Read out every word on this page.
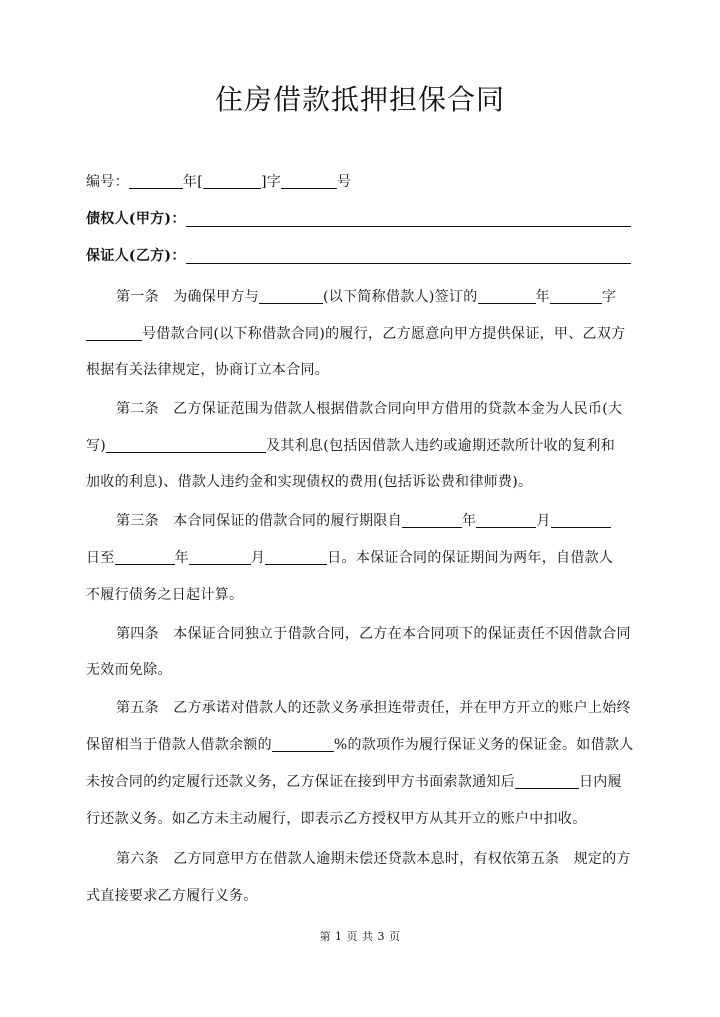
住房借款抵押担保合同
编号：	年[	]字	号
债权人(甲方)：
保证人(乙方)：
第一条　为确保甲方与	(以下简称借款人)签订的	年	字
号借款合同(以下称借款合同)的履行，乙方愿意向甲方提供保证，甲、乙双方
根据有关法律规定，协商订立本合同。
第二条　乙方保证范围为借款人根据借款合同向甲方借用的贷款本金为人民币(大
写)	及其利息(包括因借款人违约或逾期还款所计收的复利和
加收的利息)、借款人违约金和实现债权的费用(包括诉讼费和律师费)。
第三条　本合同保证的借款合同的履行期限自	年	月
日至	年	月	日。本保证合同的保证期间为两年，自借款人
不履行债务之日起计算。
第四条　本保证合同独立于借款合同，乙方在本合同项下的保证责任不因借款合同
无效而免除。
第五条　乙方承诺对借款人的还款义务承担连带责任，并在甲方开立的账户上始终
保留相当于借款人借款余额的	%的款项作为履行保证义务的保证金。如借款人
未按合同的约定履行还款义务，乙方保证在接到甲方书面索款通知后	日内履
行还款义务。如乙方未主动履行，即表示乙方授权甲方从其开立的账户中扣收。
第六条　乙方同意甲方在借款人逾期未偿还贷款本息时，有权依第五条　规定的方
式直接要求乙方履行义务。
第 1 页 共 3 页
